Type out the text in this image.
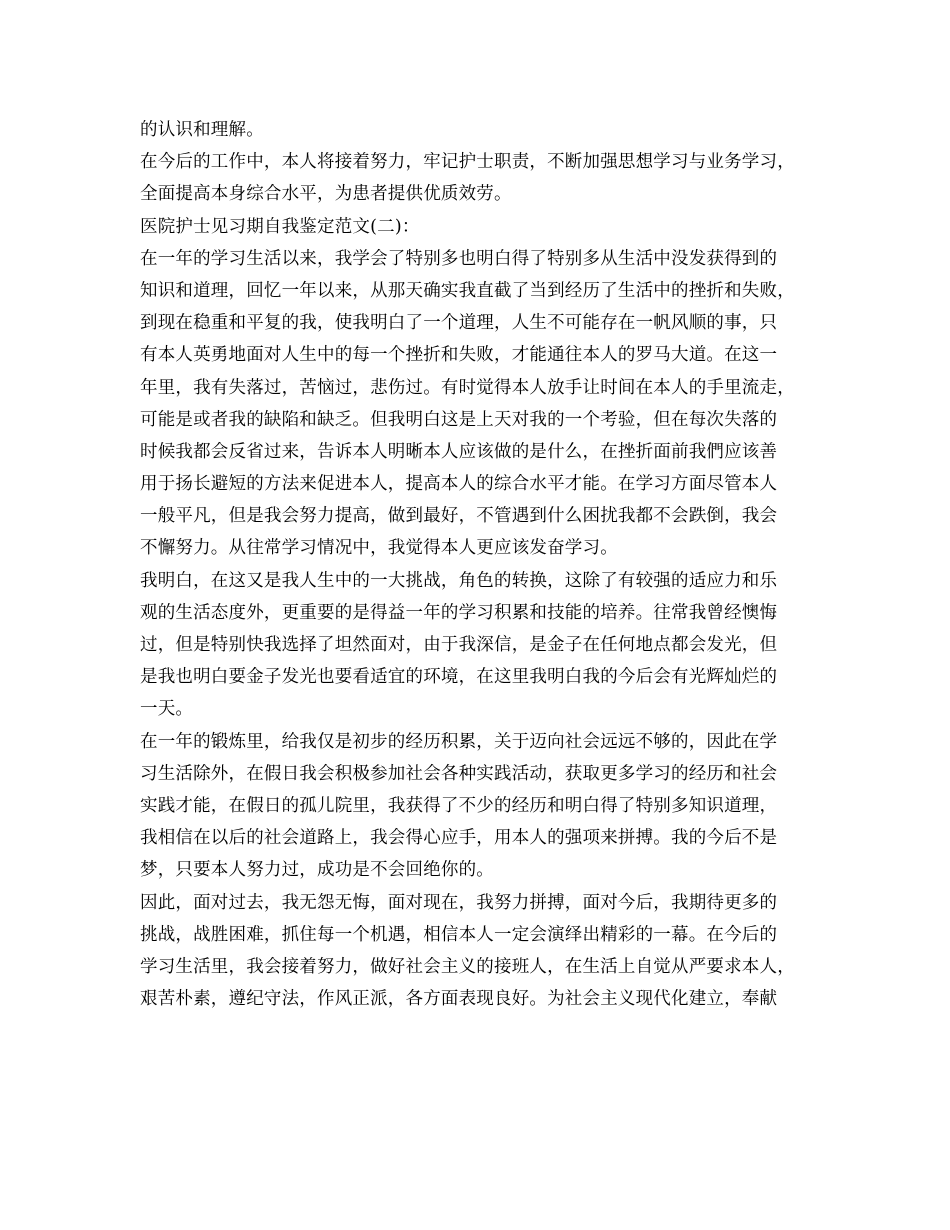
的认识和理解。
在今后的工作中，本人将接着努力，牢记护士职责，不断加强思想学习与业务学习，
全面提高本身综合水平，为患者提供优质效劳。
医院护士见习期自我鉴定范文(二)：
在一年的学习生活以来，我学会了特别多也明白得了特别多从生活中没发获得到的
知识和道理，回忆一年以来，从那天确实我直截了当到经历了生活中的挫折和失败，
到现在稳重和平复的我，使我明白了一个道理，人生不可能存在一帆风顺的事，只
有本人英勇地面对人生中的每一个挫折和失败，才能通往本人的罗马大道。在这一
年里，我有失落过，苦恼过，悲伤过。有时觉得本人放手让时间在本人的手里流走，
可能是或者我的缺陷和缺乏。但我明白这是上天对我的一个考验，但在每次失落的
时候我都会反省过来，告诉本人明晰本人应该做的是什么，在挫折面前我們应该善
用于扬长避短的方法来促进本人，提高本人的综合水平才能。在学习方面尽管本人
一般平凡，但是我会努力提高，做到最好，不管遇到什么困扰我都不会跌倒，我会
不懈努力。从往常学习情况中，我觉得本人更应该发奋学习。
我明白，在这又是我人生中的一大挑战，角色的转换，这除了有较强的适应力和乐
观的生活态度外，更重要的是得益一年的学习积累和技能的培养。往常我曾经懊悔
过，但是特别快我选择了坦然面对，由于我深信，是金子在任何地点都会发光，但
是我也明白要金子发光也要看适宜的环境，在这里我明白我的今后会有光辉灿烂的
一天。
在一年的锻炼里，给我仅是初步的经历积累，关于迈向社会远远不够的，因此在学
习生活除外，在假日我会积极参加社会各种实践活动，获取更多学习的经历和社会
实践才能，在假日的孤儿院里，我获得了不少的经历和明白得了特别多知识道理，
我相信在以后的社会道路上，我会得心应手，用本人的强项来拼搏。我的今后不是
梦，只要本人努力过，成功是不会回绝你的。
因此，面对过去，我无怨无悔，面对现在，我努力拼搏，面对今后，我期待更多的
挑战，战胜困难，抓住每一个机遇，相信本人一定会演绎出精彩的一幕。在今后的
学习生活里，我会接着努力，做好社会主义的接班人，在生活上自觉从严要求本人，
艰苦朴素，遵纪守法，作风正派，各方面表现良好。为社会主义现代化建立，奉献
